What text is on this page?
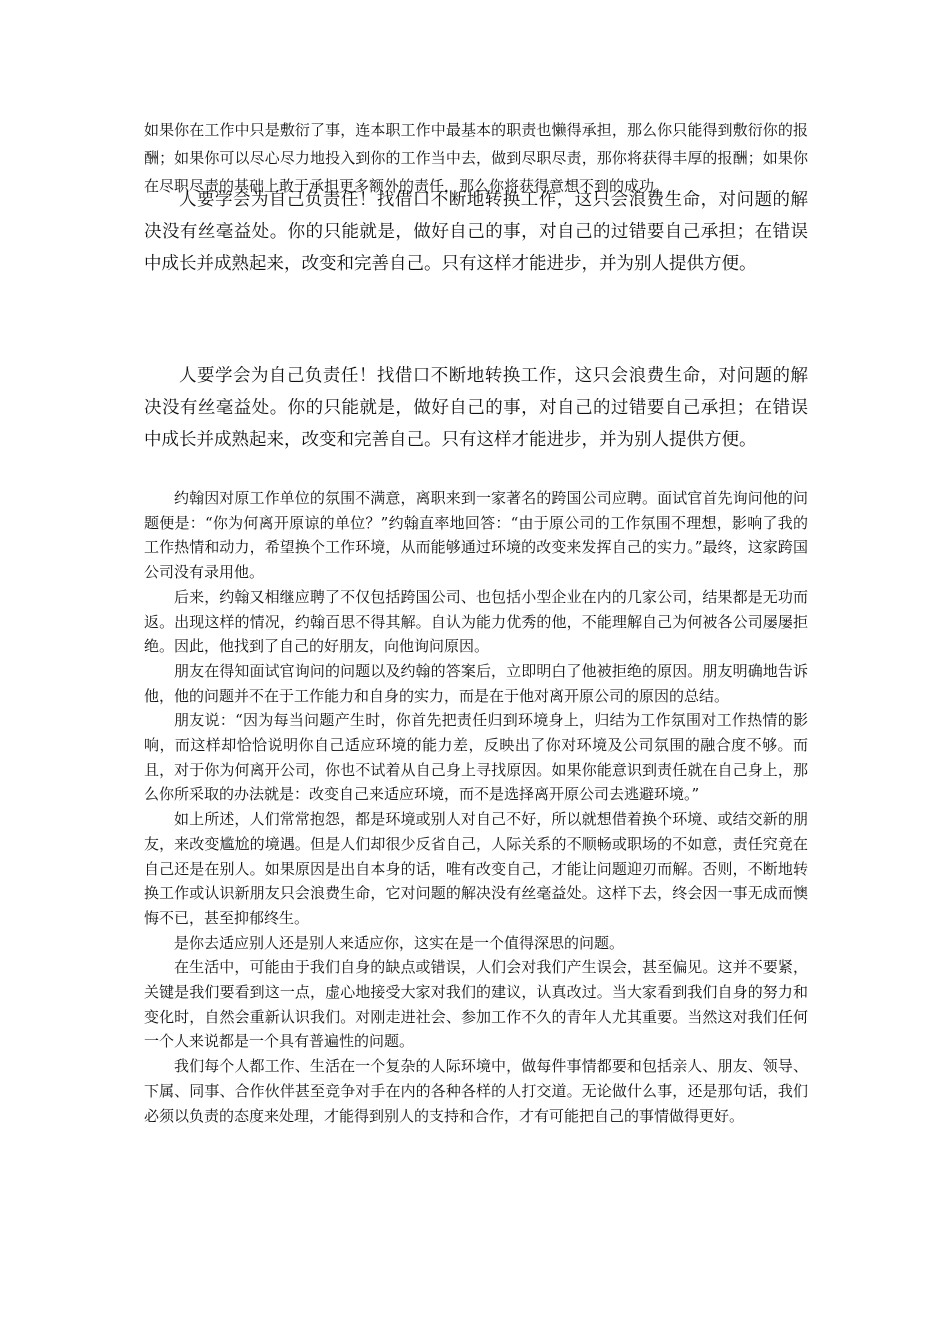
如果你在工作中只是敷衍了事，连本职工作中最基本的职责也懒得承担，那么你只能得到敷衍你的报酬；如果你可以尽心尽力地投入到你的工作当中去，做到尽职尽责，那你将获得丰厚的报酬；如果你在尽职尽责的基础上敢于承担更多额外的责任，那么你将获得意想不到的成功。

人要学会为自己负责任！找借口不断地转换工作，这只会浪费生命，对问题的解决没有丝毫益处。你的只能就是，做好自己的事，对自己的过错要自己承担；在错误中成长并成熟起来，改变和完善自己。只有这样才能进步，并为别人提供方便。

人要学会为自己负责任！找借口不断地转换工作，这只会浪费生命，对问题的解决没有丝毫益处。你的只能就是，做好自己的事，对自己的过错要自己承担；在错误中成长并成熟起来，改变和完善自己。只有这样才能进步，并为别人提供方便。

约翰因对原工作单位的氛围不满意，离职来到一家著名的跨国公司应聘。面试官首先询问他的问题便是：“你为何离开原谅的单位？”约翰直率地回答：“由于原公司的工作氛围不理想，影响了我的工作热情和动力，希望换个工作环境，从而能够通过环境的改变来发挥自己的实力。”最终，这家跨国公司没有录用他。

后来，约翰又相继应聘了不仅包括跨国公司、也包括小型企业在内的几家公司，结果都是无功而返。出现这样的情况，约翰百思不得其解。自认为能力优秀的他，不能理解自己为何被各公司屡屡拒绝。因此，他找到了自己的好朋友，向他询问原因。

朋友在得知面试官询问的问题以及约翰的答案后，立即明白了他被拒绝的原因。朋友明确地告诉他，他的问题并不在于工作能力和自身的实力，而是在于他对离开原公司的原因的总结。

朋友说：“因为每当问题产生时，你首先把责任归到环境身上，归结为工作氛围对工作热情的影响，而这样却恰恰说明你自己适应环境的能力差，反映出了你对环境及公司氛围的融合度不够。而且，对于你为何离开公司，你也不试着从自己身上寻找原因。如果你能意识到责任就在自己身上，那么你所采取的办法就是：改变自己来适应环境，而不是选择离开原公司去逃避环境。”

如上所述，人们常常抱怨，都是环境或别人对自己不好，所以就想借着换个环境、或结交新的朋友，来改变尴尬的境遇。但是人们却很少反省自己，人际关系的不顺畅或职场的不如意，责任究竟在自己还是在别人。如果原因是出自本身的话，唯有改变自己，才能让问题迎刃而解。否则，不断地转换工作或认识新朋友只会浪费生命，它对问题的解决没有丝毫益处。这样下去，终会因一事无成而懊悔不已，甚至抑郁终生。

是你去适应别人还是别人来适应你，这实在是一个值得深思的问题。

在生活中，可能由于我们自身的缺点或错误，人们会对我们产生误会，甚至偏见。这并不要紧，关键是我们要看到这一点，虚心地接受大家对我们的建议，认真改过。当大家看到我们自身的努力和变化时，自然会重新认识我们。对刚走进社会、参加工作不久的青年人尤其重要。当然这对我们任何一个人来说都是一个具有普遍性的问题。

我们每个人都工作、生活在一个复杂的人际环境中，做每件事情都要和包括亲人、朋友、领导、下属、同事、合作伙伴甚至竞争对手在内的各种各样的人打交道。无论做什么事，还是那句话，我们必须以负责的态度来处理，才能得到别人的支持和合作，才有可能把自己的事情做得更好。
